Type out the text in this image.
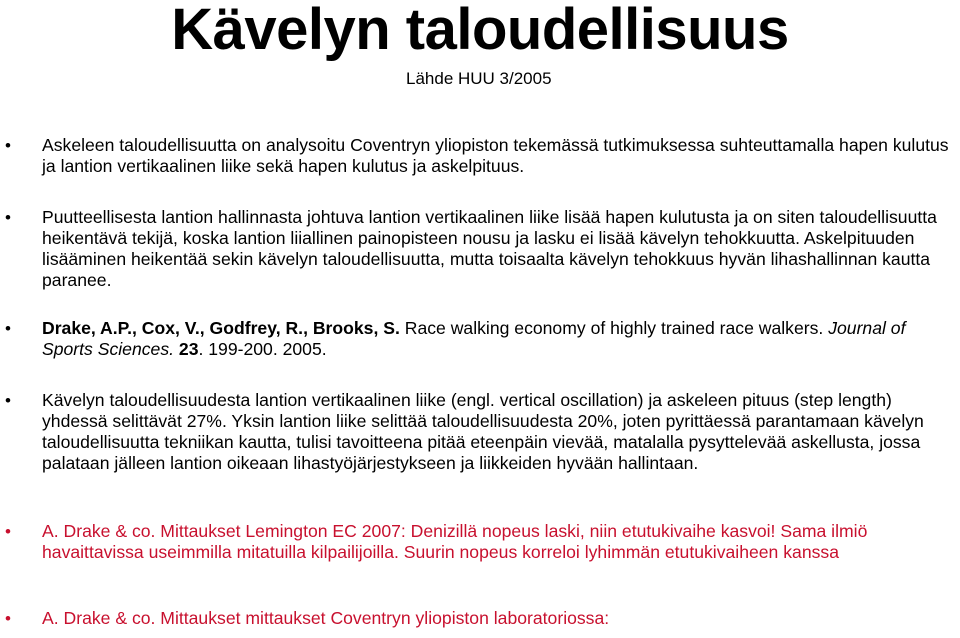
Kävelyn taloudellisuus
Lähde HUU 3/2005
• Askeleen taloudellisuutta on analysoitu Coventryn yliopiston tekemässä tutkimuksessa suhteuttamalla hapen kulutus ja lantion vertikaalinen liike sekä hapen kulutus ja askelpituus.
• Puutteellisesta lantion hallinnasta johtuva lantion vertikaalinen liike lisää hapen kulutusta ja on siten taloudellisuutta heikentävä tekijä, koska lantion liiallinen painopisteen nousu ja lasku ei lisää kävelyn tehokkuutta. Askelpituuden lisääminen heikentää sekin kävelyn taloudellisuutta, mutta toisaalta kävelyn tehokkuus hyvän lihashallinnan kautta paranee.
• Drake, A.P., Cox, V., Godfrey, R., Brooks, S. Race walking economy of highly trained race walkers. Journal of Sports Sciences. 23. 199-200. 2005.
• Kävelyn taloudellisuudesta lantion vertikaalinen liike (engl. vertical oscillation) ja askeleen pituus (step length) yhdessä selittävät 27%. Yksin lantion liike selittää taloudellisuudesta 20%, joten pyrittäessä parantamaan kävelyn taloudellisuutta tekniikan kautta, tulisi tavoitteena pitää eteenpäin vievää, matalalla pysyttelevää askellusta, jossa palataan jälleen lantion oikeaan lihastyöjärjestykseen ja liikkeiden hyvään hallintaan.
• A. Drake & co. Mittaukset Lemington EC 2007: Denizillä nopeus laski, niin etutukivaihe kasvoi! Sama ilmiö havaittavissa useimmilla mitatuilla kilpailijoilla. Suurin nopeus korreloi lyhimmän etutukivaiheen kanssa
• A. Drake & co. Mittaukset mittaukset Coventryn yliopiston laboratoriossa:
